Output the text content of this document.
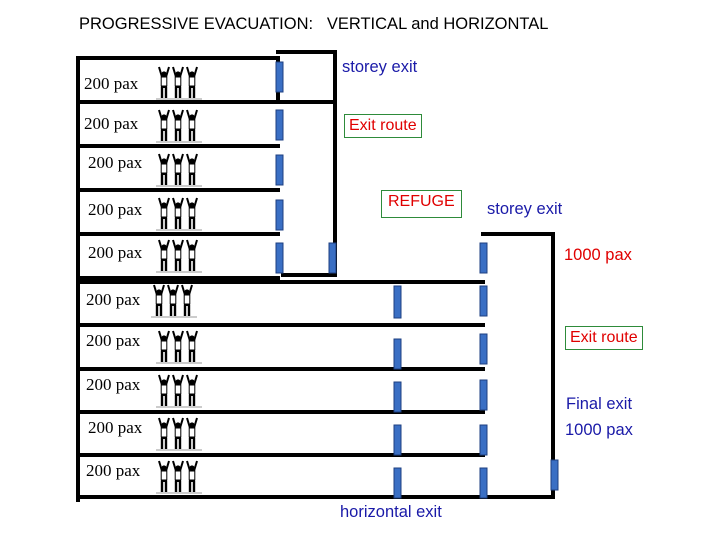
PROGRESSIVE EVACUATION:   VERTICAL and HORIZONTAL
200 pax
200 pax
200 pax
200 pax
200 pax
200 pax
200 pax
200 pax
200 pax
200 pax
storey exit
Exit route
REFUGE	storey exit
1000 pax
Exit route
Final exit
1000 pax
horizontal exit
